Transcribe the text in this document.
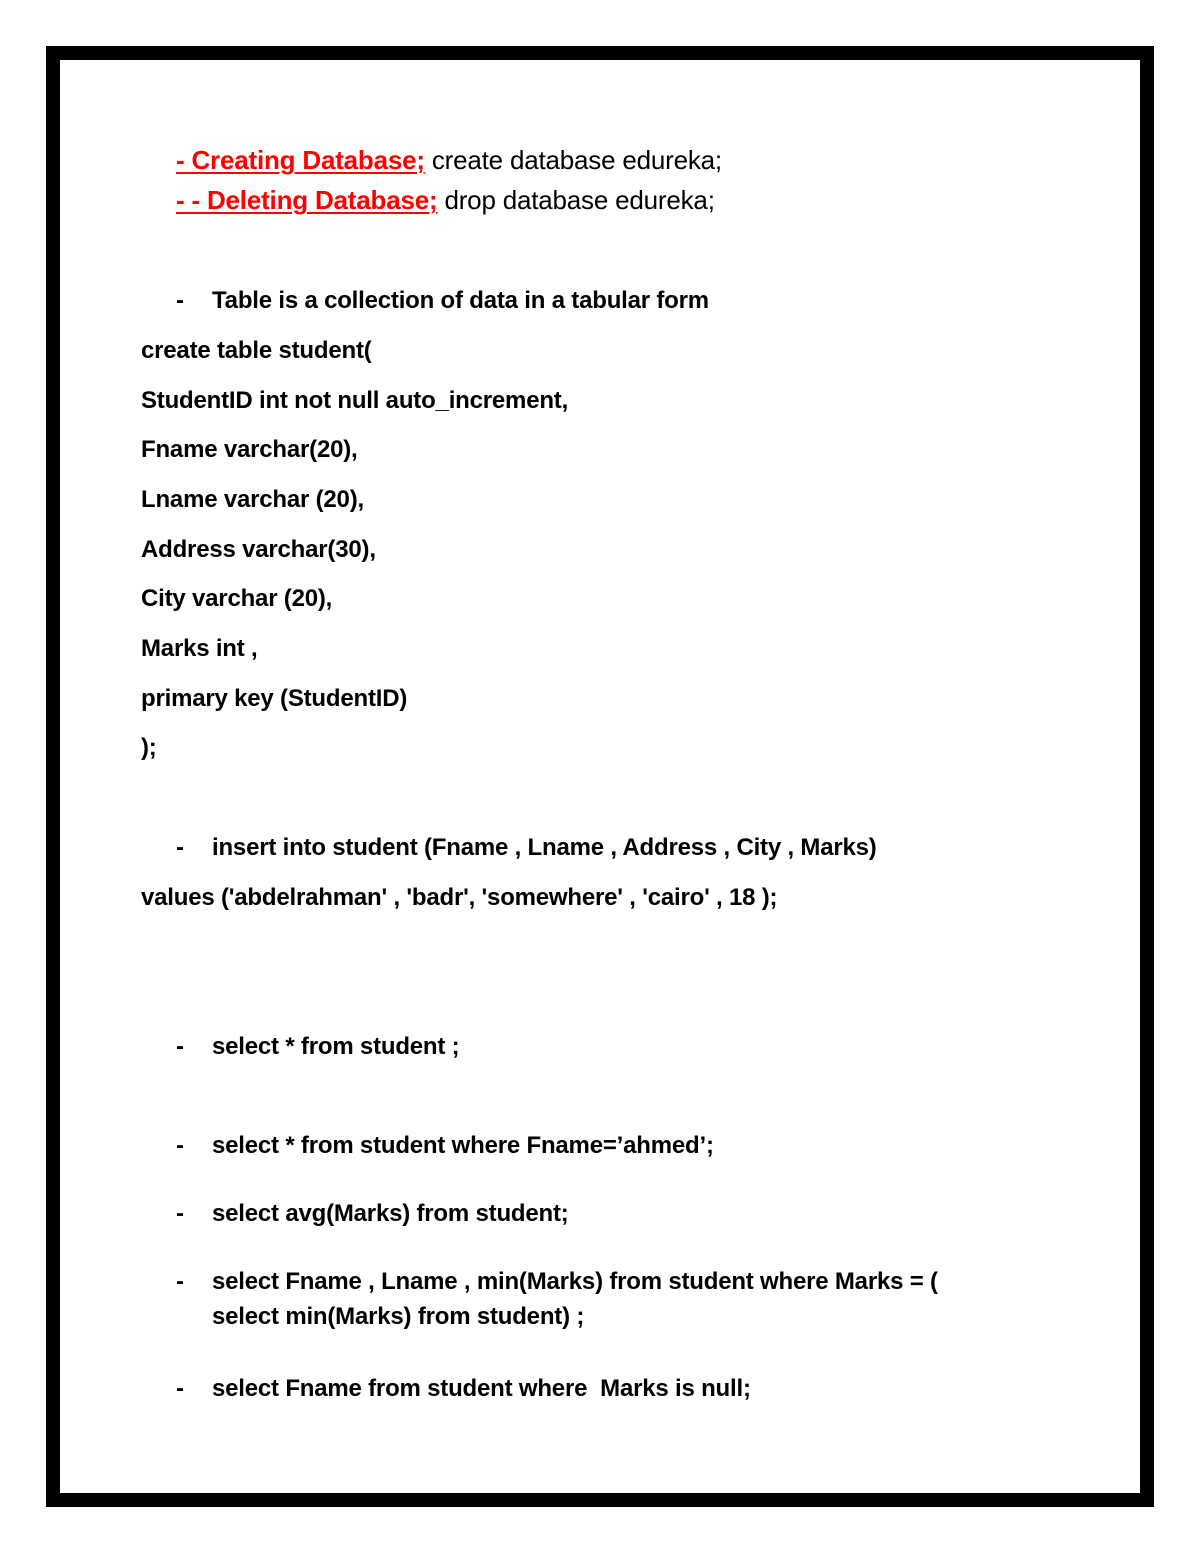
- Creating Database; create database edureka;
- - Deleting Database; drop database edureka;
- Table is a collection of data in a tabular form
create table student(
StudentID int not null auto_increment,
Fname varchar(20),
Lname varchar (20),
Address varchar(30),
City varchar (20),
Marks int ,
primary key (StudentID)
);
- insert into student (Fname , Lname , Address , City , Marks)
values ('abdelrahman' , 'badr', 'somewhere' , 'cairo' , 18 );
- select * from student ;
- select * from student where Fname=’ahmed’;
- select avg(Marks) from student;
- select Fname , Lname , min(Marks) from student where Marks = (
select min(Marks) from student) ;
- select Fname from student where  Marks is null;
